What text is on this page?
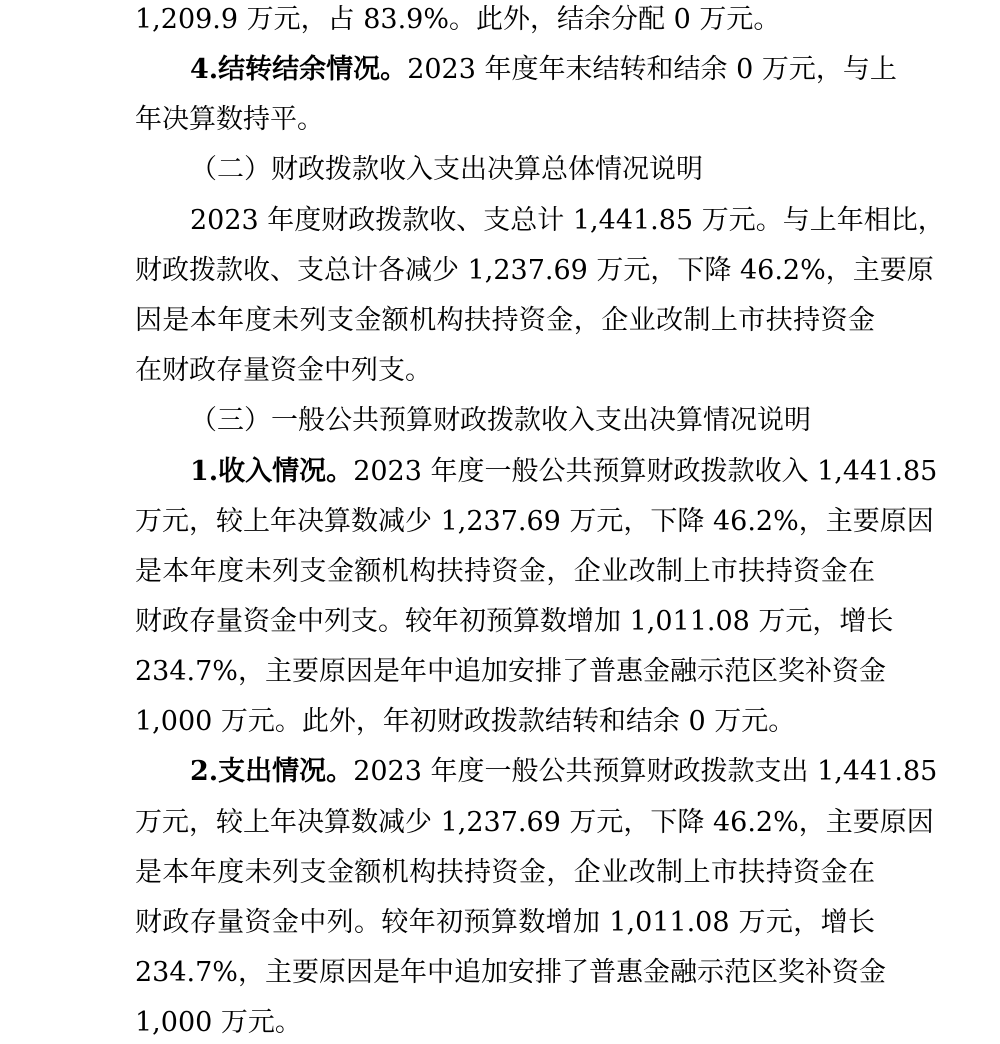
1,209.9 万元，占 83.9%。此外，结余分配 0 万元。
4.结转结余情况。2023 年度年末结转和结余 0 万元，与上
年决算数持平。
（二）财政拨款收入支出决算总体情况说明
2023 年度财政拨款收、支总计 1,441.85 万元。与上年相比，
财政拨款收、支总计各减少 1,237.69 万元，下降 46.2%，主要原
因是本年度未列支金额机构扶持资金，企业改制上市扶持资金
在财政存量资金中列支。
（三）一般公共预算财政拨款收入支出决算情况说明
1.收入情况。2023 年度一般公共预算财政拨款收入 1,441.85
万元，较上年决算数减少 1,237.69 万元，下降 46.2%，主要原因
是本年度未列支金额机构扶持资金，企业改制上市扶持资金在
财政存量资金中列支。较年初预算数增加 1,011.08 万元，增长
234.7%，主要原因是年中追加安排了普惠金融示范区奖补资金
1,000 万元。此外，年初财政拨款结转和结余 0 万元。
2.支出情况。2023 年度一般公共预算财政拨款支出 1,441.85
万元，较上年决算数减少 1,237.69 万元，下降 46.2%，主要原因
是本年度未列支金额机构扶持资金，企业改制上市扶持资金在
财政存量资金中列。较年初预算数增加 1,011.08 万元，增长
234.7%，主要原因是年中追加安排了普惠金融示范区奖补资金
1,000 万元。
